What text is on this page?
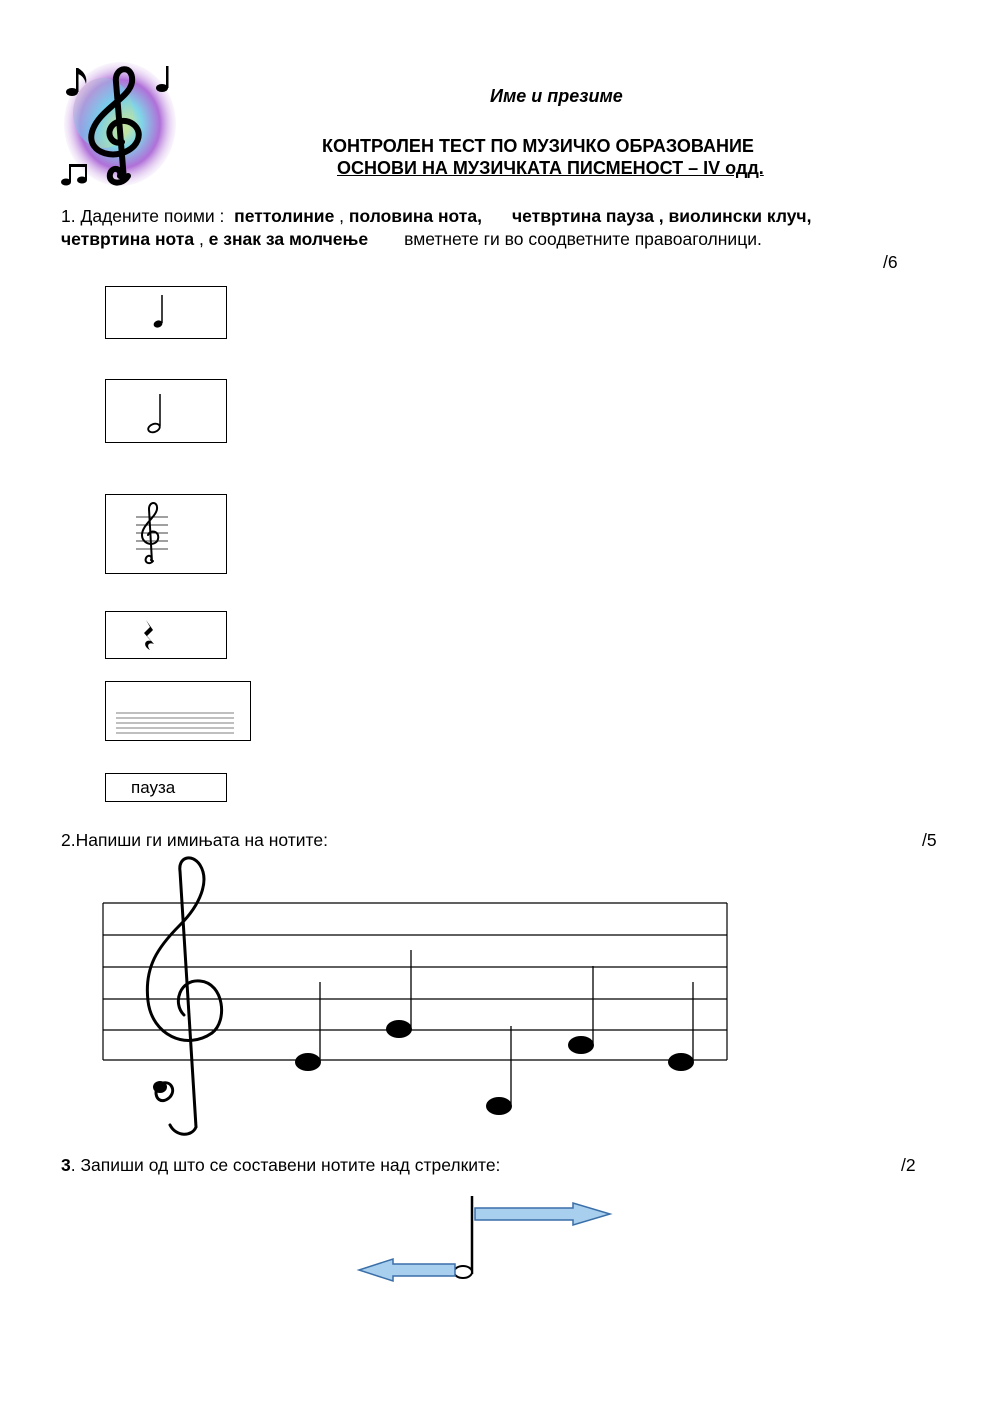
Име и презиме
КОНТРОЛЕН ТЕСТ ПО МУЗИЧКО ОБРАЗОВАНИЕ
ОСНОВИ НА МУЗИЧКАТА ПИСМЕНОСТ – IV одд.
1. Дадените поими : петтолиние , половина нота, четвртина пауза , виолински клуч,
четвртина нота , е знак за молчење вметнете ги во соодветните правоаголници.
/6
пауза
2.Напиши ги имињата на нотите:	/5
3. Запиши од што се составени нотите над стрелките:	/2
